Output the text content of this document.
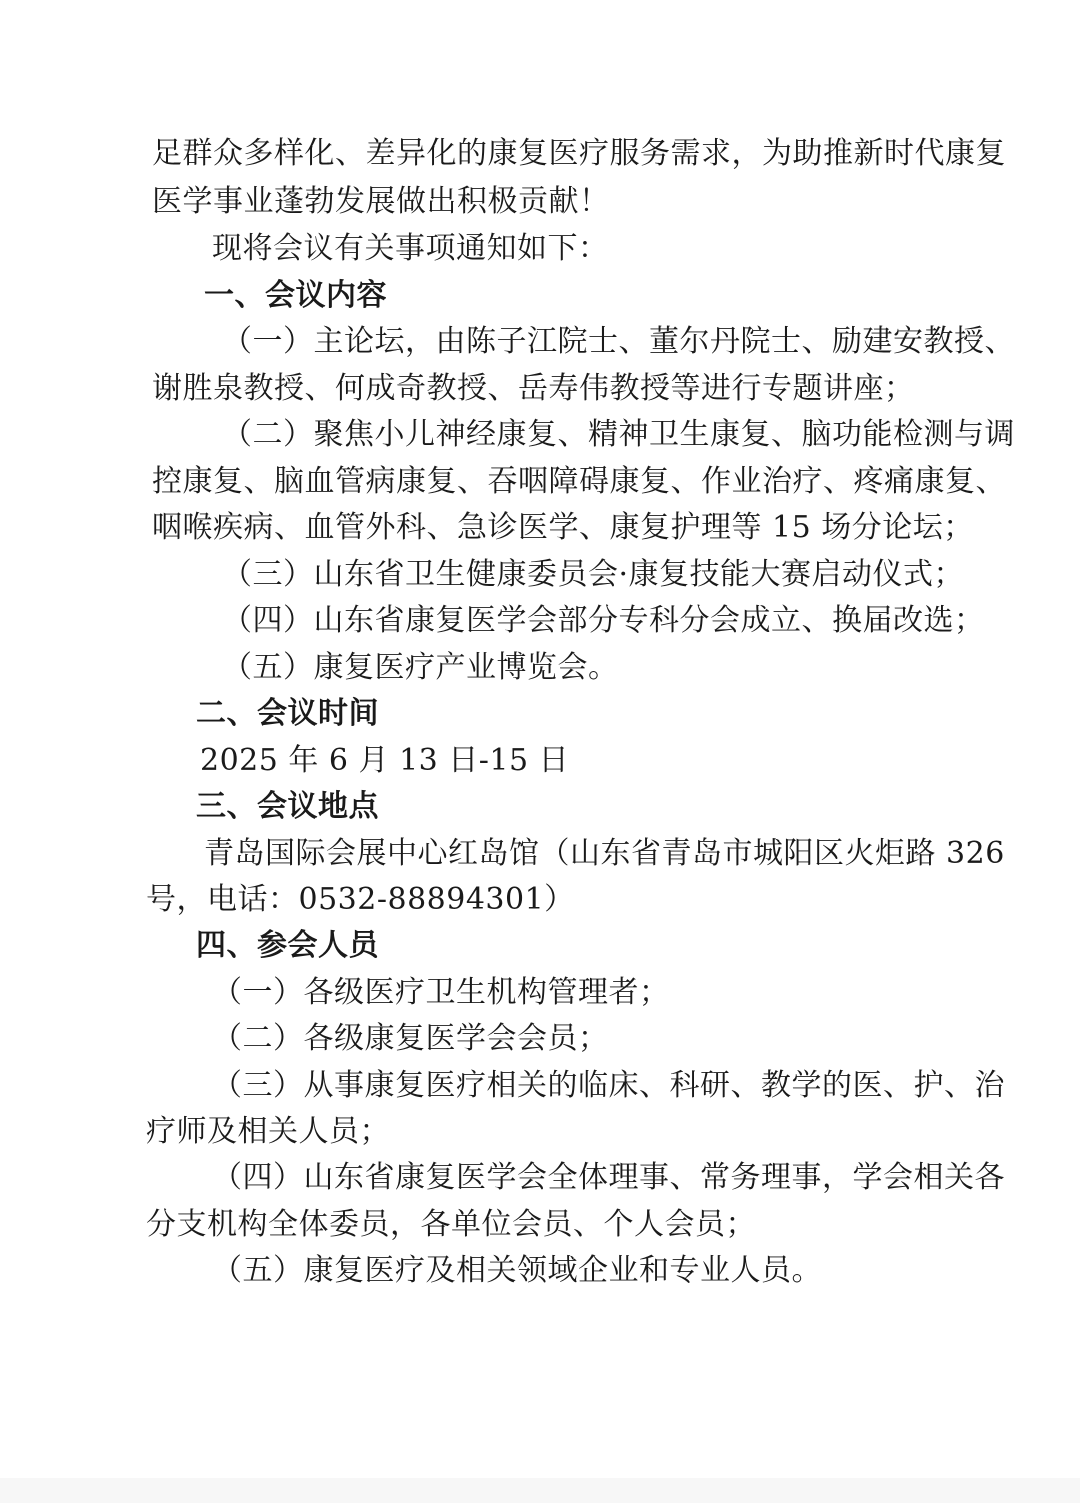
足群众多样化、差异化的康复医疗服务需求，为助推新时代康复
医学事业蓬勃发展做出积极贡献！
现将会议有关事项通知如下：
一、会议内容
（一）主论坛，由陈子江院士、董尔丹院士、励建安教授、
谢胜泉教授、何成奇教授、岳寿伟教授等进行专题讲座；
（二）聚焦小儿神经康复、精神卫生康复、脑功能检测与调
控康复、脑血管病康复、吞咽障碍康复、作业治疗、疼痛康复、
咽喉疾病、血管外科、急诊医学、康复护理等 15 场分论坛；
（三）山东省卫生健康委员会·康复技能大赛启动仪式；
（四）山东省康复医学会部分专科分会成立、换届改选；
（五）康复医疗产业博览会。
二、会议时间
2025 年 6 月 13 日-15 日
三、会议地点
青岛国际会展中心红岛馆（山东省青岛市城阳区火炬路 326
号，电话：0532-88894301）
四、参会人员
（一）各级医疗卫生机构管理者；
（二）各级康复医学会会员；
（三）从事康复医疗相关的临床、科研、教学的医、护、治
疗师及相关人员；
（四）山东省康复医学会全体理事、常务理事，学会相关各
分支机构全体委员，各单位会员、个人会员；
（五）康复医疗及相关领域企业和专业人员。
